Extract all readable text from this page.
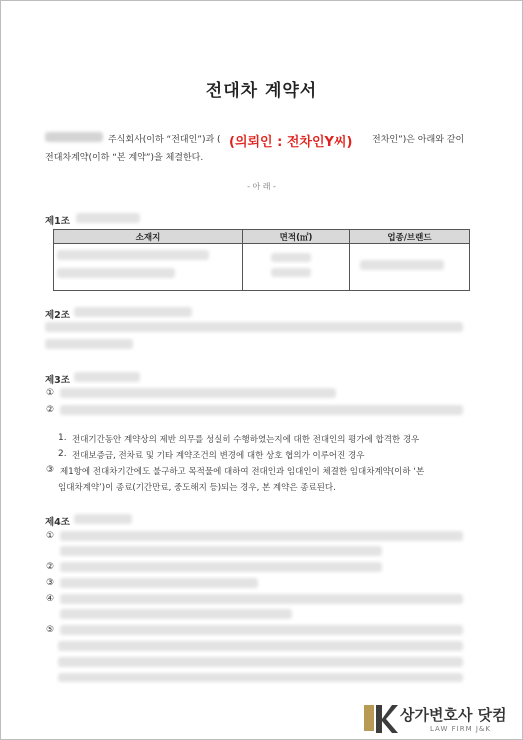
전대차 계약서
주식회사(이하 “전대인”)과 ( (의뢰인 : 전차인Y씨) 전차인”)은 아래와 같이
전대차계약(이하 “본 계약”)을 체결한다.
- 아 래 -
제1조
소재지	면적(㎡)	업종/브랜드

제2조
제3조
①
②
1. 전대기간동안 계약상의 제반 의무를 성실히 수행하였는지에 대한 전대인의 평가에 합격한 경우
2. 전대보증금, 전차료 및 기타 계약조건의 변경에 대한 상호 협의가 이루어진 경우
③ 제1항에 전대차기간에도 불구하고 목적물에 대하여 전대인과 임대인이 체결한 임대차계약(이하 ‘본
임대차계약’)이 종료(기간만료, 중도해지 등)되는 경우, 본 계약은 종료된다.
제4조
①
②
③
④
⑤
상가변호사 닷컴
LAW FIRM J&K
